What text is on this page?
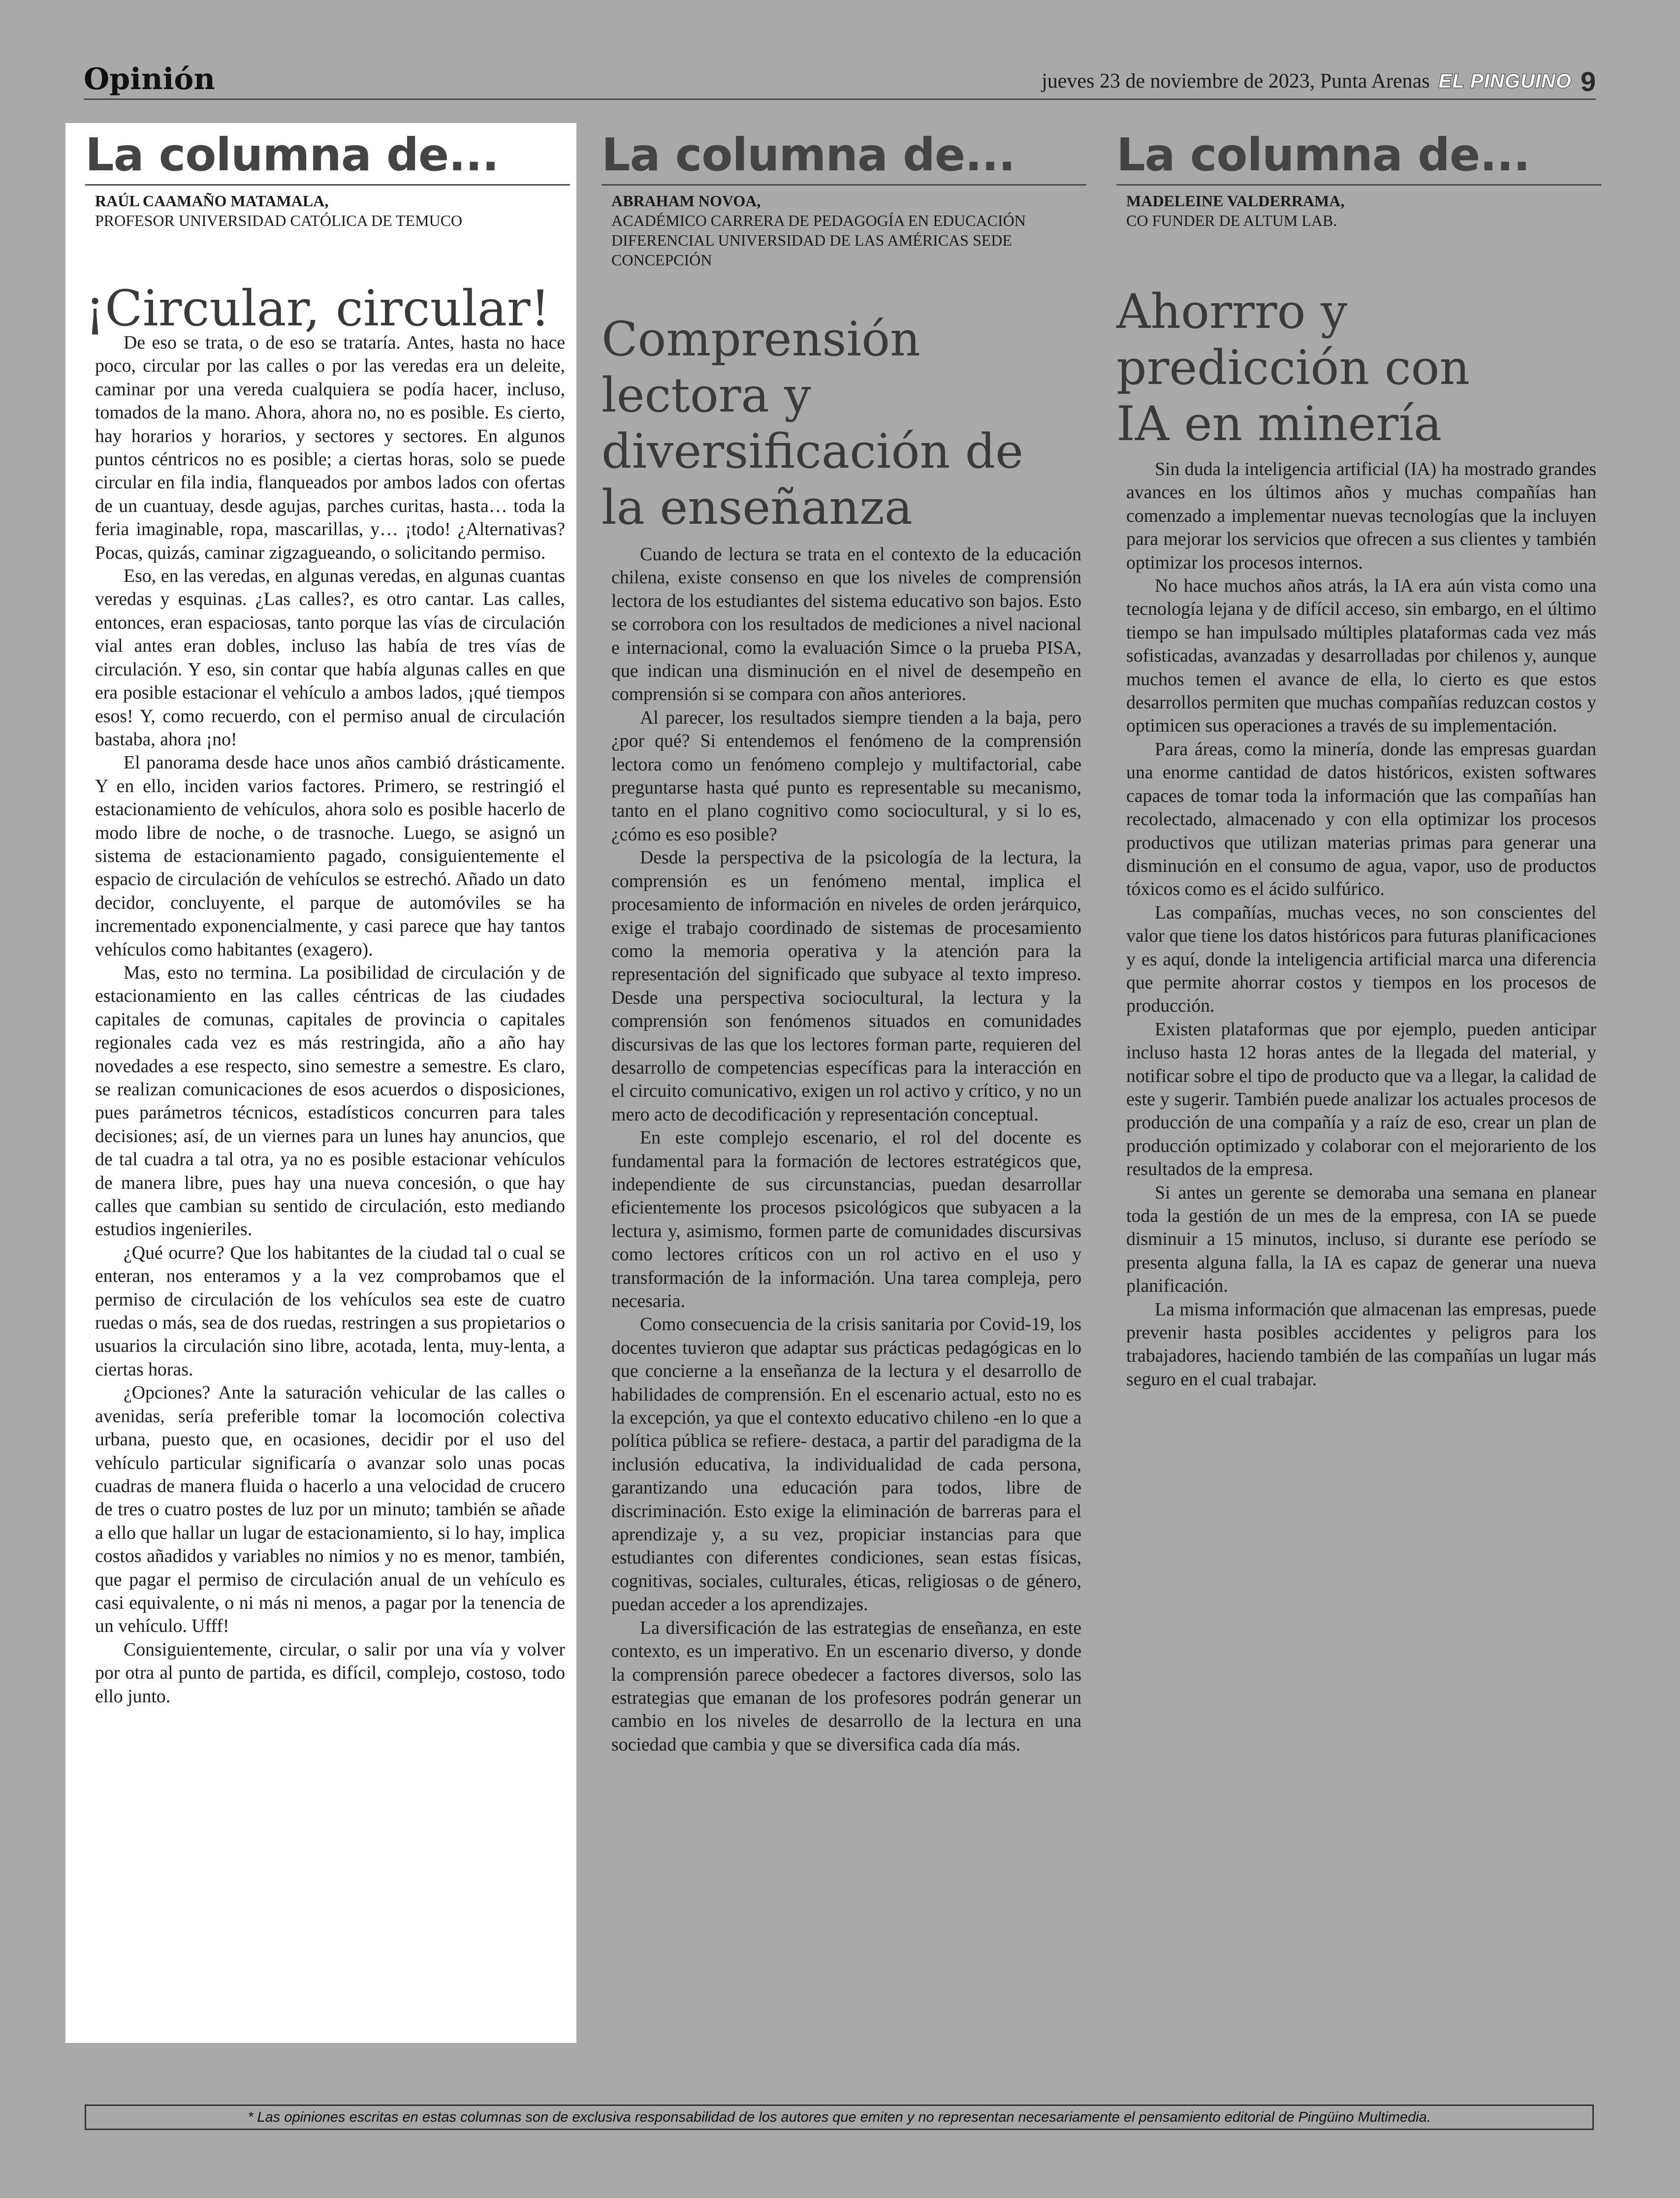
Opinión	jueves 23 de noviembre de 2023, Punta Arenas EL PINGUINO 9
La columna de...
RAÚL CAAMAÑO MATAMALA,
PROFESOR UNIVERSIDAD CATÓLICA DE TEMUCO
¡Circular, circular!

De eso se trata, o de eso se trataría. Antes, hasta no hace poco, circular por las calles o por las veredas era un deleite, caminar por una vereda cualquiera se podía hacer, incluso, tomados de la mano. Ahora, ahora no, no es posible. Es cierto, hay horarios y horarios, y sectores y sectores. En algunos puntos céntricos no es posible; a ciertas horas, solo se puede circular en fila india, flanqueados por ambos lados con ofertas de un cuantuay, desde agujas, parches curitas, hasta… toda la feria imaginable, ropa, mascarillas, y… ¡todo! ¿Alternativas? Pocas, quizás, caminar zigzagueando, o solicitando permiso.

Eso, en las veredas, en algunas veredas, en algunas cuantas veredas y esquinas. ¿Las calles?, es otro cantar. Las calles, entonces, eran espaciosas, tanto porque las vías de circulación vial antes eran dobles, incluso las había de tres vías de circulación. Y eso, sin contar que había algunas calles en que era posible estacionar el vehículo a ambos lados, ¡qué tiempos esos! Y, como recuerdo, con el permiso anual de circulación bastaba, ahora ¡no!

El panorama desde hace unos años cambió drásticamente. Y en ello, inciden varios factores. Primero, se restringió el estacionamiento de vehículos, ahora solo es posible hacerlo de modo libre de noche, o de trasnoche. Luego, se asignó un sistema de estacionamiento pagado, consiguientemente el espacio de circulación de vehículos se estrechó. Añado un dato decidor, concluyente, el parque de automóviles se ha incrementado exponencialmente, y casi parece que hay tantos vehículos como habitantes (exagero).

Mas, esto no termina. La posibilidad de circulación y de estacionamiento en las calles céntricas de las ciudades capitales de comunas, capitales de provincia o capitales regionales cada vez es más restringida, año a año hay novedades a ese respecto, sino semestre a semestre. Es claro, se realizan comunicaciones de esos acuerdos o disposiciones, pues parámetros técnicos, estadísticos concurren para tales decisiones; así, de un viernes para un lunes hay anuncios, que de tal cuadra a tal otra, ya no es posible estacionar vehículos de manera libre, pues hay una nueva concesión, o que hay calles que cambian su sentido de circulación, esto mediando estudios ingenieriles.

¿Qué ocurre? Que los habitantes de la ciudad tal o cual se enteran, nos enteramos y a la vez comprobamos que el permiso de circulación de los vehículos sea este de cuatro ruedas o más, sea de dos ruedas, restringen a sus propietarios o usuarios la circulación sino libre, acotada, lenta, muy-lenta, a ciertas horas.

¿Opciones? Ante la saturación vehicular de las calles o avenidas, sería preferible tomar la locomoción colectiva urbana, puesto que, en ocasiones, decidir por el uso del vehículo particular significaría o avanzar solo unas pocas cuadras de manera fluida o hacerlo a una velocidad de crucero de tres o cuatro postes de luz por un minuto; también se añade a ello que hallar un lugar de estacionamiento, si lo hay, implica costos añadidos y variables no nimios y no es menor, también, que pagar el permiso de circulación anual de un vehículo es casi equivalente, o ni más ni menos, a pagar por la tenencia de un vehículo. Ufff!

Consiguientemente, circular, o salir por una vía y volver por otra al punto de partida, es difícil, complejo, costoso, todo ello junto.

La columna de...
ABRAHAM NOVOA,
ACADÉMICO CARRERA DE PEDAGOGÍA EN EDUCACIÓN
DIFERENCIAL UNIVERSIDAD DE LAS AMÉRICAS SEDE
CONCEPCIÓN
Comprensión
lectora y
diversificación de
la enseñanza

Cuando de lectura se trata en el contexto de la educación chilena, existe consenso en que los niveles de comprensión lectora de los estudiantes del sistema educativo son bajos. Esto se corrobora con los resultados de mediciones a nivel nacional e internacional, como la evaluación Simce o la prueba PISA, que indican una disminución en el nivel de desempeño en comprensión si se compara con años anteriores.

Al parecer, los resultados siempre tienden a la baja, pero ¿por qué? Si entendemos el fenómeno de la comprensión lectora como un fenómeno complejo y multifactorial, cabe preguntarse hasta qué punto es representable su mecanismo, tanto en el plano cognitivo como sociocultural, y si lo es, ¿cómo es eso posible?

Desde la perspectiva de la psicología de la lectura, la comprensión es un fenómeno mental, implica el procesamiento de información en niveles de orden jerárquico, exige el trabajo coordinado de sistemas de procesamiento como la memoria operativa y la atención para la representación del significado que subyace al texto impreso. Desde una perspectiva sociocultural, la lectura y la comprensión son fenómenos situados en comunidades discursivas de las que los lectores forman parte, requieren del desarrollo de competencias específicas para la interacción en el circuito comunicativo, exigen un rol activo y crítico, y no un mero acto de decodificación y representación conceptual.

En este complejo escenario, el rol del docente es fundamental para la formación de lectores estratégicos que, independiente de sus circunstancias, puedan desarrollar eficientemente los procesos psicológicos que subyacen a la lectura y, asimismo, formen parte de comunidades discursivas como lectores críticos con un rol activo en el uso y transformación de la información. Una tarea compleja, pero necesaria.

Como consecuencia de la crisis sanitaria por Covid-19, los docentes tuvieron que adaptar sus prácticas pedagógicas en lo que concierne a la enseñanza de la lectura y el desarrollo de habilidades de comprensión. En el escenario actual, esto no es la excepción, ya que el contexto educativo chileno -en lo que a política pública se refiere- destaca, a partir del paradigma de la inclusión educativa, la individualidad de cada persona, garantizando una educación para todos, libre de discriminación. Esto exige la eliminación de barreras para el aprendizaje y, a su vez, propiciar instancias para que estudiantes con diferentes condiciones, sean estas físicas, cognitivas, sociales, culturales, éticas, religiosas o de género, puedan acceder a los aprendizajes.

La diversificación de las estrategias de enseñanza, en este contexto, es un imperativo. En un escenario diverso, y donde la comprensión parece obedecer a factores diversos, solo las estrategias que emanan de los profesores podrán generar un cambio en los niveles de desarrollo de la lectura en una sociedad que cambia y que se diversifica cada día más.

La columna de...
MADELEINE VALDERRAMA,
CO FUNDER DE ALTUM LAB.
Ahorrro y
predicción con
IA en minería

Sin duda la inteligencia artificial (IA) ha mostrado grandes avances en los últimos años y muchas compañías han comenzado a implementar nuevas tecnologías que la incluyen para mejorar los servicios que ofrecen a sus clientes y también optimizar los procesos internos.

No hace muchos años atrás, la IA era aún vista como una tecnología lejana y de difícil acceso, sin embargo, en el último tiempo se han impulsado múltiples plataformas cada vez más sofisticadas, avanzadas y desarrolladas por chilenos y, aunque muchos temen el avance de ella, lo cierto es que estos desarrollos permiten que muchas compañías reduzcan costos y optimicen sus operaciones a través de su implementación.

Para áreas, como la minería, donde las empresas guardan una enorme cantidad de datos históricos, existen softwares capaces de tomar toda la información que las compañías han recolectado, almacenado y con ella optimizar los procesos productivos que utilizan materias primas para generar una disminución en el consumo de agua, vapor, uso de productos tóxicos como es el ácido sulfúrico.

Las compañías, muchas veces, no son conscientes del valor que tiene los datos históricos para futuras planificaciones y es aquí, donde la inteligencia artificial marca una diferencia que permite ahorrar costos y tiempos en los procesos de producción.

Existen plataformas que por ejemplo, pueden anticipar incluso hasta 12 horas antes de la llegada del material, y notificar sobre el tipo de producto que va a llegar, la calidad de este y sugerir. También puede analizar los actuales procesos de producción de una compañía y a raíz de eso, crear un plan de producción optimizado y colaborar con el mejorariento de los resultados de la empresa.

Si antes un gerente se demoraba una semana en planear toda la gestión de un mes de la empresa, con IA se puede disminuir a 15 minutos, incluso, si durante ese período se presenta alguna falla, la IA es capaz de generar una nueva planificación.

La misma información que almacenan las empresas, puede prevenir hasta posibles accidentes y peligros para los trabajadores, haciendo también de las compañías un lugar más seguro en el cual trabajar.

* Las opiniones escritas en estas columnas son de exclusiva responsabilidad de los autores que emiten y no representan necesariamente el pensamiento editorial de Pingüino Multimedia.
